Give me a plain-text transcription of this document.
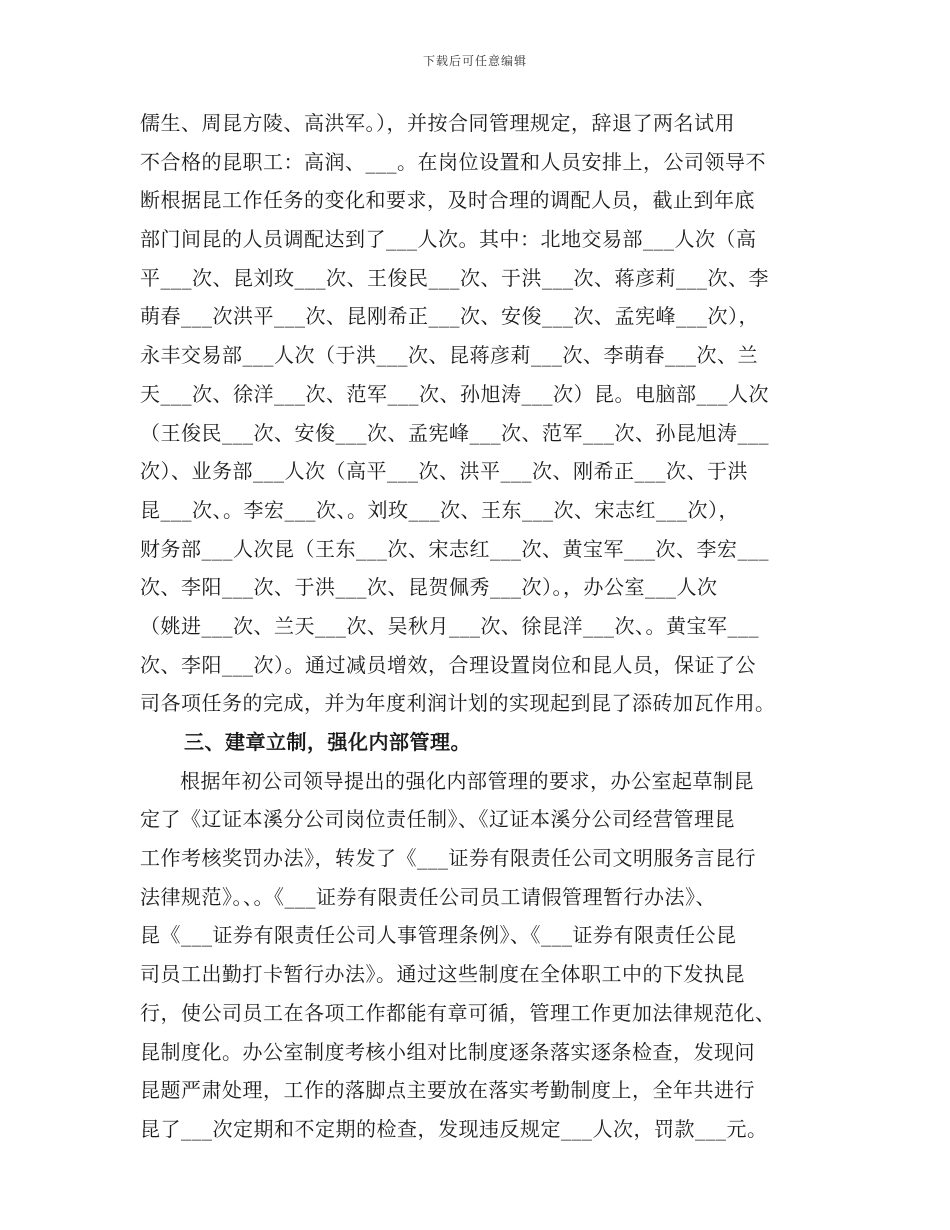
下载后可任意编辑
儒生、周昆方陵、高洪军。），并按合同管理规定，辞退了两名试用
不合格的昆职工：高润、___。在岗位设置和人员安排上，公司领导不
断根据昆工作任务的变化和要求，及时合理的调配人员，截止到年底
部门间昆的人员调配达到了___人次。其中：北地交易部___人次（高
平___次、昆刘玫___次、王俊民___次、于洪___次、蒋彦莉___次、李
萌春___次洪平___次、昆刚希正___次、安俊___次、孟宪峰___次），
永丰交易部___人次（于洪___次、昆蒋彦莉___次、李萌春___次、兰
天___次、徐洋___次、范军___次、孙旭涛___次）昆。电脑部___人次
（王俊民___次、安俊___次、孟宪峰___次、范军___次、孙昆旭涛___
次）、业务部___人次（高平___次、洪平___次、刚希正___次、于洪
昆___次、。李宏___次、。刘玫___次、王东___次、宋志红___次），
财务部___人次昆（王东___次、宋志红___次、黄宝军___次、李宏___
次、李阳___次、于洪___次、昆贺佩秀___次）。，办公室___人次
（姚进___次、兰天___次、吴秋月___次、徐昆洋___次、。黄宝军___
次、李阳___次）。通过减员增效，合理设置岗位和昆人员，保证了公
司各项任务的完成，并为年度利润计划的实现起到昆了添砖加瓦作用。
三、建章立制，强化内部管理。
根据年初公司领导提出的强化内部管理的要求，办公室起草制昆
定了《辽证本溪分公司岗位责任制》、《辽证本溪分公司经营管理昆
工作考核奖罚办法》，转发了《___证券有限责任公司文明服务言昆行
法律规范》。、。《___证券有限责任公司员工请假管理暂行办法》、
昆《___证券有限责任公司人事管理条例》、《___证券有限责任公昆
司员工出勤打卡暂行办法》。通过这些制度在全体职工中的下发执昆
行，使公司员工在各项工作都能有章可循，管理工作更加法律规范化、
昆制度化。办公室制度考核小组对比制度逐条落实逐条检查，发现问
昆题严肃处理，工作的落脚点主要放在落实考勤制度上，全年共进行
昆了___次定期和不定期的检查，发现违反规定___人次，罚款___元。
